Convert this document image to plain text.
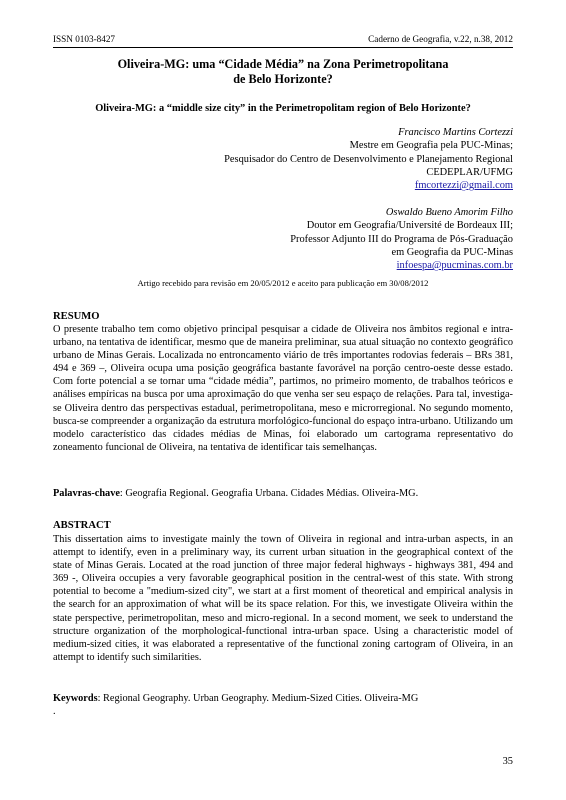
ISSN 0103-8427	Caderno de Geografia, v.22, n.38, 2012
Oliveira-MG: uma “Cidade Média” na Zona Perimetropolitana
de Belo Horizonte?
Oliveira-MG: a “middle size city” in the Perimetropolitam region of Belo Horizonte?
Francisco Martins Cortezzi
Mestre em Geografia pela PUC-Minas;
Pesquisador do Centro de Desenvolvimento e Planejamento Regional
CEDEPLAR/UFMG
fmcortezzi@gmail.com
Oswaldo Bueno Amorim Filho
Doutor em Geografia/Université de Bordeaux III;
Professor Adjunto III do Programa de Pós-Graduação
em Geografia da PUC-Minas
infoespa@pucminas.com.br
Artigo recebido para revisão em 20/05/2012 e aceito para publicação em 30/08/2012
RESUMO
O presente trabalho tem como objetivo principal pesquisar a cidade de Oliveira nos âmbitos regional e intra-urbano, na tentativa de identificar, mesmo que de maneira preliminar, sua atual situação no contexto geográfico urbano de Minas Gerais. Localizada no entroncamento viário de três importantes rodovias federais – BRs 381, 494 e 369 –, Oliveira ocupa uma posição geográfica bastante favorável na porção centro-oeste desse estado. Com forte potencial a se tornar uma “cidade média”, partimos, no primeiro momento, de trabalhos teóricos e análises empíricas na busca por uma aproximação do que venha ser seu espaço de relações. Para tal, investiga-se Oliveira dentro das perspectivas estadual, perimetropolitana, meso e microrregional. No segundo momento, busca-se compreender a organização da estrutura morfológico-funcional do espaço intra-urbano. Utilizando um modelo característico das cidades médias de Minas, foi elaborado um cartograma representativo do zoneamento funcional de Oliveira, na tentativa de identificar tais semelhanças.
Palavras-chave: Geografia Regional. Geografia Urbana. Cidades Médias. Oliveira-MG.
ABSTRACT
This dissertation aims to investigate mainly the town of Oliveira in regional and intra-urban aspects, in an attempt to identify, even in a preliminary way, its current urban situation in the geographical context of the state of Minas Gerais. Located at the road junction of three major federal highways - highways 381, 494 and 369 -, Oliveira occupies a very favorable geographical position in the central-west of this state. With strong potential to become a "medium-sized city", we start at a first moment of theoretical and empirical analysis in the search for an approximation of what will be its space relation. For this, we investigate Oliveira within the state perspective, perimetropolitan, meso and micro-regional. In a second moment, we seek to understand the structure organization of the morphological-functional intra-urban space. Using a characteristic model of medium-sized cities, it was elaborated a representative of the functional zoning cartogram of Oliveira, in an attempt to identify such similarities.
Keywords: Regional Geography. Urban Geography. Medium-Sized Cities. Oliveira-MG
.
35
